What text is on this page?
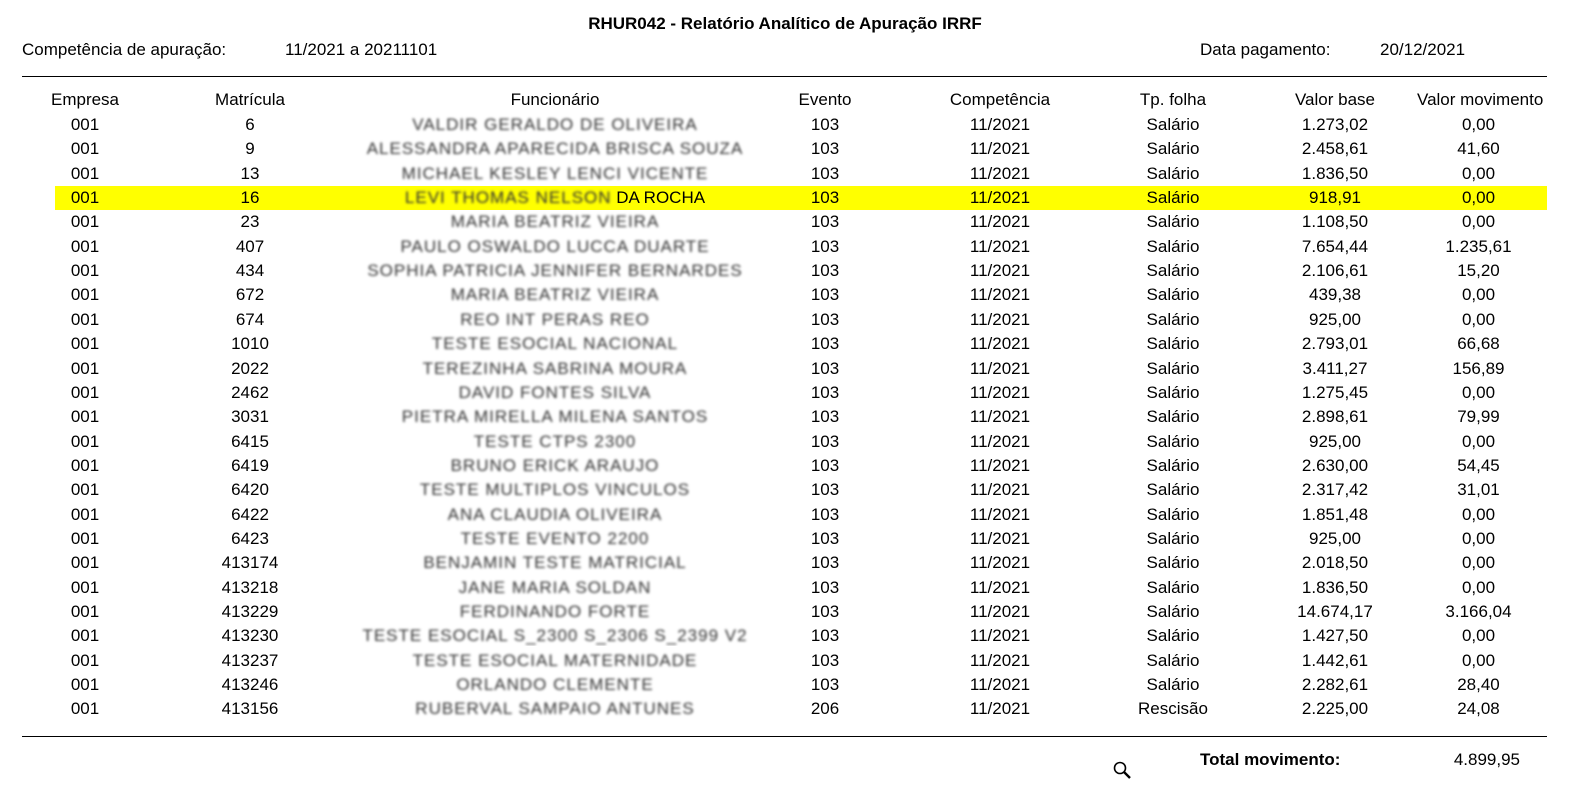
RHUR042 - Relatório Analítico de Apuração IRRF
Competência de apuração:	11/2021 a 20211101	Data pagamento:	20/12/2021
Empresa	Matrícula	Funcionário	Evento	Competência	Tp. folha	Valor base	Valor movimento
001	6	VALDIR GERALDO DE OLIVEIRA	103	11/2021	Salário	1.273,02	0,00
001	9	ALESSANDRA APARECIDA BRISCA SOUZA	103	11/2021	Salário	2.458,61	41,60
001	13	MICHAEL KESLEY LENCI VICENTE	103	11/2021	Salário	1.836,50	0,00
001	16	LEVI THOMAS NELSON DA ROCHA	103	11/2021	Salário	918,91	0,00
001	23	MARIA BEATRIZ VIEIRA	103	11/2021	Salário	1.108,50	0,00
001	407	PAULO OSWALDO LUCCA DUARTE	103	11/2021	Salário	7.654,44	1.235,61
001	434	SOPHIA PATRICIA JENNIFER BERNARDES	103	11/2021	Salário	2.106,61	15,20
001	672	MARIA BEATRIZ VIEIRA	103	11/2021	Salário	439,38	0,00
001	674	REO INT PERAS REO	103	11/2021	Salário	925,00	0,00
001	1010	TESTE ESOCIAL NACIONAL	103	11/2021	Salário	2.793,01	66,68
001	2022	TEREZINHA SABRINA MOURA	103	11/2021	Salário	3.411,27	156,89
001	2462	DAVID FONTES SILVA	103	11/2021	Salário	1.275,45	0,00
001	3031	PIETRA MIRELLA MILENA SANTOS	103	11/2021	Salário	2.898,61	79,99
001	6415	TESTE CTPS 2300	103	11/2021	Salário	925,00	0,00
001	6419	BRUNO ERICK ARAUJO	103	11/2021	Salário	2.630,00	54,45
001	6420	TESTE MULTIPLOS VINCULOS	103	11/2021	Salário	2.317,42	31,01
001	6422	ANA CLAUDIA OLIVEIRA	103	11/2021	Salário	1.851,48	0,00
001	6423	TESTE EVENTO 2200	103	11/2021	Salário	925,00	0,00
001	413174	BENJAMIN TESTE MATRICIAL	103	11/2021	Salário	2.018,50	0,00
001	413218	JANE MARIA SOLDAN	103	11/2021	Salário	1.836,50	0,00
001	413229	FERDINANDO FORTE	103	11/2021	Salário	14.674,17	3.166,04
001	413230	TESTE ESOCIAL S_2300 S_2306 S_2399 V2	103	11/2021	Salário	1.427,50	0,00
001	413237	TESTE ESOCIAL MATERNIDADE	103	11/2021	Salário	1.442,61	0,00
001	413246	ORLANDO CLEMENTE	103	11/2021	Salário	2.282,61	28,40
001	413156	RUBERVAL SAMPAIO ANTUNES	206	11/2021	Rescisão	2.225,00	24,08
Total movimento:	4.899,95
